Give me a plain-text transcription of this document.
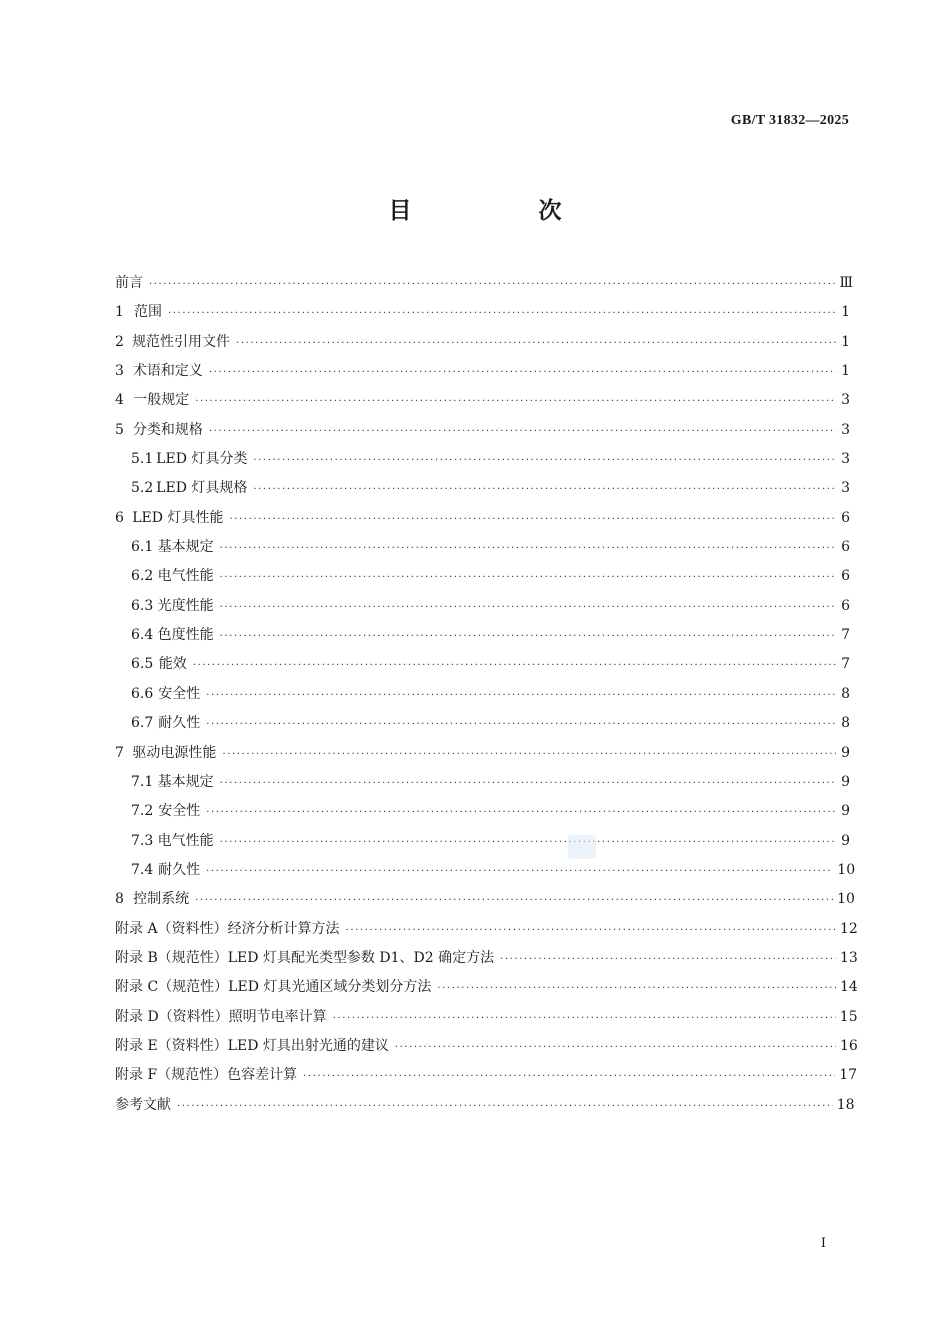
GB/T 31832—2025
目　次
前言 ·····	Ⅲ
1 范围 ·····	1
2 规范性引用文件 ·····	1
3 术语和定义 ·····	1
4 一般规定 ·····	3
5 分类和规格 ·····	3
5.1 LED 灯具分类 ·····	3
5.2 LED 灯具规格 ·····	3
6 LED 灯具性能 ·····	6
6.1 基本规定 ·····	6
6.2 电气性能 ·····	6
6.3 光度性能 ·····	6
6.4 色度性能 ·····	7
6.5 能效 ·····	7
6.6 安全性 ·····	8
6.7 耐久性 ·····	8
7 驱动电源性能 ·····	9
7.1 基本规定 ·····	9
7.2 安全性 ·····	9
7.3 电气性能 ·····	9
7.4 耐久性 ·····	10
8 控制系统 ·····	10
附录 A（资料性） 经济分析计算方法 ·····	12
附录 B（规范性） LED 灯具配光类型参数 D1、D2 确定方法 ·····	13
附录 C（规范性） LED 灯具光通区域分类划分方法 ·····	14
附录 D（资料性） 照明节电率计算 ·····	15
附录 E（资料性） LED 灯具出射光通的建议 ·····	16
附录 F（规范性） 色容差计算 ·····	17
参考文献 ·····	18
I
